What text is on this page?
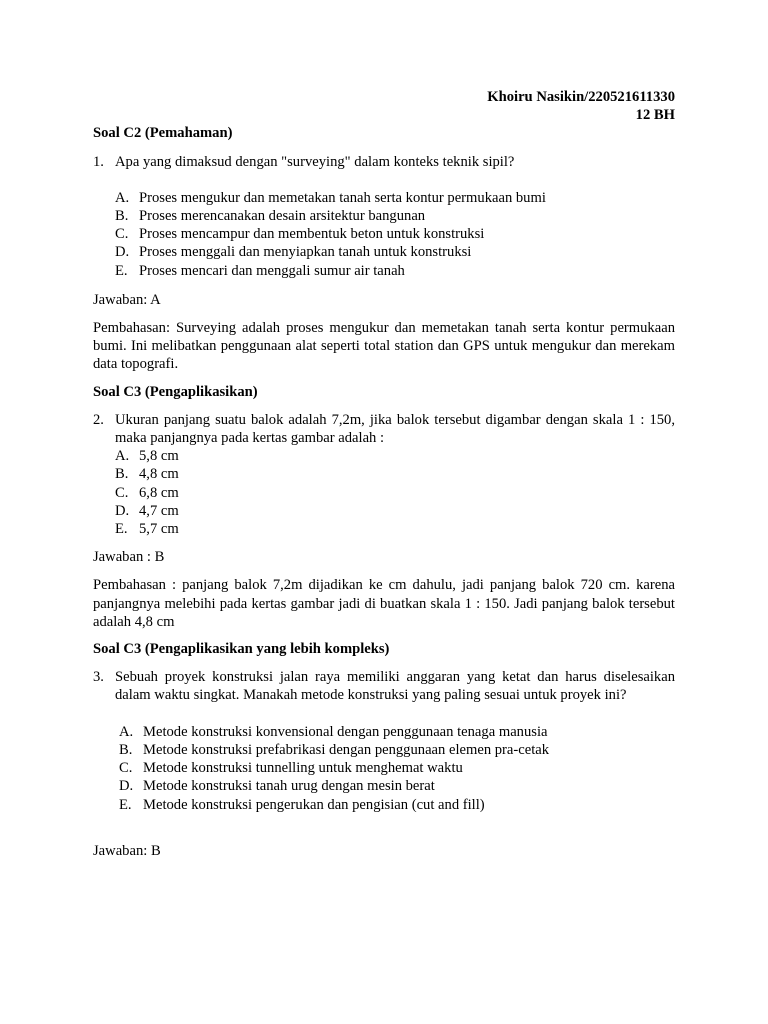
Khoiru Nasikin/220521611330
12 BH
Soal C2 (Pemahaman)
1. Apa yang dimaksud dengan "surveying" dalam konteks teknik sipil?
A. Proses mengukur dan memetakan tanah serta kontur permukaan bumi
B. Proses merencanakan desain arsitektur bangunan
C. Proses mencampur dan membentuk beton untuk konstruksi
D. Proses menggali dan menyiapkan tanah untuk konstruksi
E. Proses mencari dan menggali sumur air tanah
Jawaban: A
Pembahasan: Surveying adalah proses mengukur dan memetakan tanah serta kontur permukaan bumi. Ini melibatkan penggunaan alat seperti total station dan GPS untuk mengukur dan merekam data topografi.
Soal C3 (Pengaplikasikan)
2. Ukuran panjang suatu balok adalah 7,2m, jika balok tersebut digambar dengan skala 1 : 150, maka panjangnya pada kertas gambar adalah :
A. 5,8 cm
B. 4,8 cm
C. 6,8 cm
D. 4,7 cm
E. 5,7 cm
Jawaban : B
Pembahasan : panjang balok 7,2m dijadikan ke cm dahulu, jadi panjang balok 720 cm. karena panjangnya melebihi pada kertas gambar jadi di buatkan skala 1 : 150. Jadi panjang balok tersebut adalah 4,8 cm
Soal C3 (Pengaplikasikan yang lebih kompleks)
3. Sebuah proyek konstruksi jalan raya memiliki anggaran yang ketat dan harus diselesaikan dalam waktu singkat. Manakah metode konstruksi yang paling sesuai untuk proyek ini?
A. Metode konstruksi konvensional dengan penggunaan tenaga manusia
B. Metode konstruksi prefabrikasi dengan penggunaan elemen pra-cetak
C. Metode konstruksi tunnelling untuk menghemat waktu
D. Metode konstruksi tanah urug dengan mesin berat
E. Metode konstruksi pengerukan dan pengisian (cut and fill)
Jawaban: B
